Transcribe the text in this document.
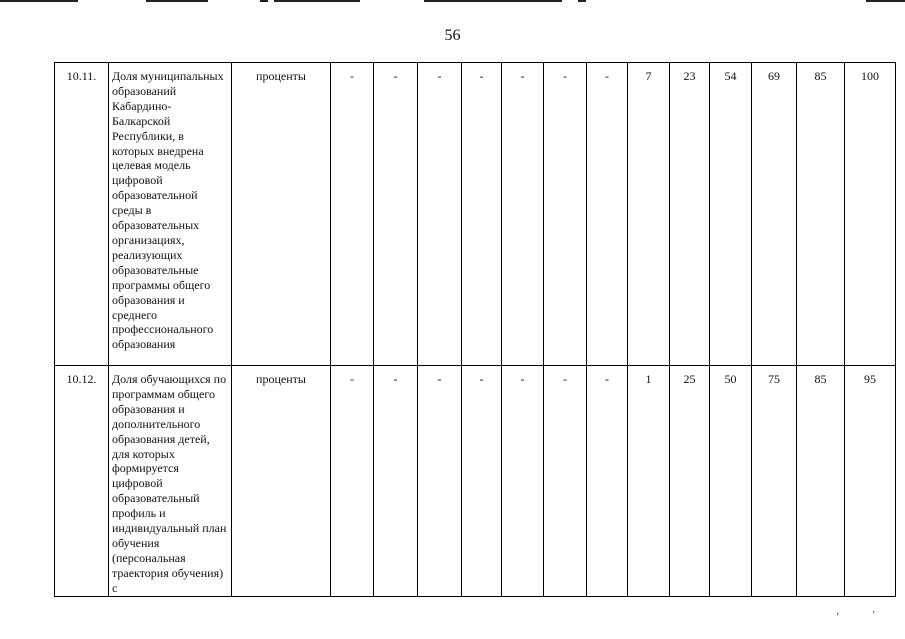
56
10.11.	Доля муниципальных образований Кабардино-Балкарской Республики, в которых внедрена целевая модель цифровой образовательной среды в образовательных организациях, реализующих образовательные программы общего образования и среднего профессионального образования	проценты	-	-	-	-	-	-	-	7	23	54	69	85	100
10.12.	Доля обучающихся по программам общего образования и дополнительного образования детей, для которых формируется цифровой образовательный профиль и индивидуальный план обучения (персональная траектория обучения) с	проценты	-	-	-	-	-	-	-	1	25	50	75	85	95
’	’
